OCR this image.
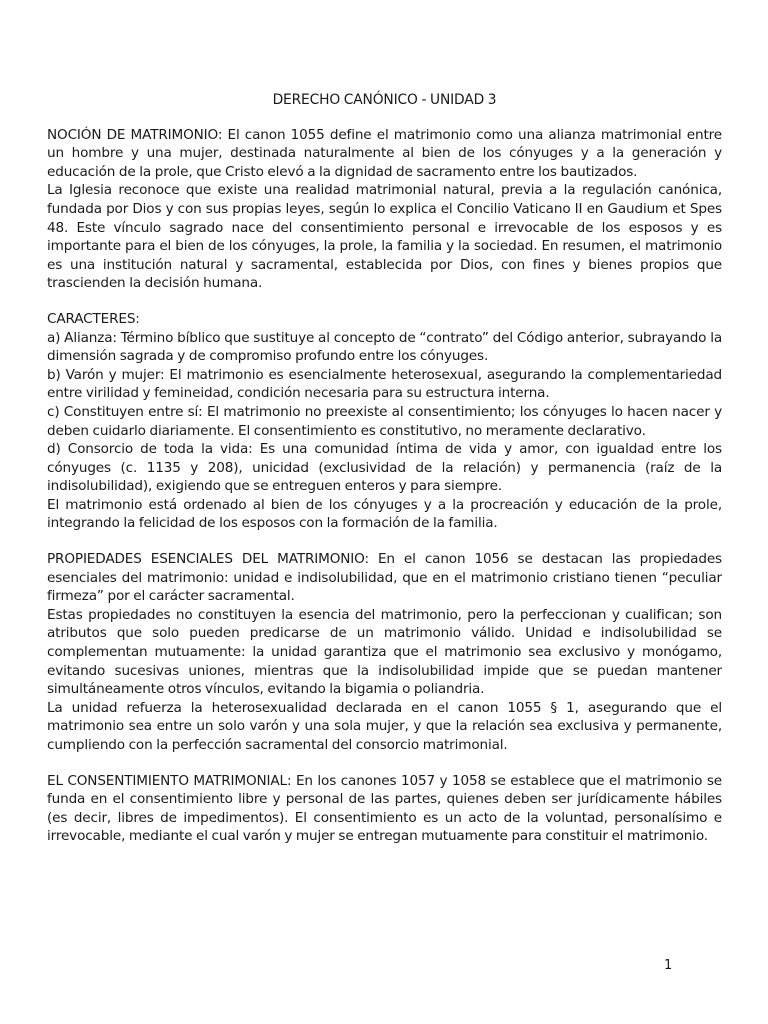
DERECHO CANÓNICO - UNIDAD 3

NOCIÓN DE MATRIMONIO: El canon 1055 define el matrimonio como una alianza matrimonial entre un hombre y una mujer, destinada naturalmente al bien de los cónyuges y a la generación y educación de la prole, que Cristo elevó a la dignidad de sacramento entre los bautizados.

La Iglesia reconoce que existe una realidad matrimonial natural, previa a la regulación canónica, fundada por Dios y con sus propias leyes, según lo explica el Concilio Vaticano II en Gaudium et Spes 48. Este vínculo sagrado nace del consentimiento personal e irrevocable de los esposos y es importante para el bien de los cónyuges, la prole, la familia y la sociedad. En resumen, el matrimonio es una institución natural y sacramental, establecida por Dios, con fines y bienes propios que trascienden la decisión humana.

CARACTERES:

a) Alianza: Término bíblico que sustituye al concepto de “contrato” del Código anterior, subrayando la dimensión sagrada y de compromiso profundo entre los cónyuges.

b) Varón y mujer: El matrimonio es esencialmente heterosexual, asegurando la complementariedad entre virilidad y femineidad, condición necesaria para su estructura interna.

c) Constituyen entre sí: El matrimonio no preexiste al consentimiento; los cónyuges lo hacen nacer y deben cuidarlo diariamente. El consentimiento es constitutivo, no meramente declarativo.

d) Consorcio de toda la vida: Es una comunidad íntima de vida y amor, con igualdad entre los cónyuges (c. 1135 y 208), unicidad (exclusividad de la relación) y permanencia (raíz de la indisolubilidad), exigiendo que se entreguen enteros y para siempre.

El matrimonio está ordenado al bien de los cónyuges y a la procreación y educación de la prole, integrando la felicidad de los esposos con la formación de la familia.

PROPIEDADES ESENCIALES DEL MATRIMONIO: En el canon 1056 se destacan las propiedades esenciales del matrimonio: unidad e indisolubilidad, que en el matrimonio cristiano tienen “peculiar firmeza” por el carácter sacramental.

Estas propiedades no constituyen la esencia del matrimonio, pero la perfeccionan y cualifican; son atributos que solo pueden predicarse de un matrimonio válido. Unidad e indisolubilidad se complementan mutuamente: la unidad garantiza que el matrimonio sea exclusivo y monógamo, evitando sucesivas uniones, mientras que la indisolubilidad impide que se puedan mantener simultáneamente otros vínculos, evitando la bigamia o poliandria.

La unidad refuerza la heterosexualidad declarada en el canon 1055 § 1, asegurando que el matrimonio sea entre un solo varón y una sola mujer, y que la relación sea exclusiva y permanente, cumpliendo con la perfección sacramental del consorcio matrimonial.

EL CONSENTIMIENTO MATRIMONIAL: En los canones 1057 y 1058 se establece que el matrimonio se funda en el consentimiento libre y personal de las partes, quienes deben ser jurídicamente hábiles (es decir, libres de impedimentos). El consentimiento es un acto de la voluntad, personalísimo e irrevocable, mediante el cual varón y mujer se entregan mutuamente para constituir el matrimonio.

1
